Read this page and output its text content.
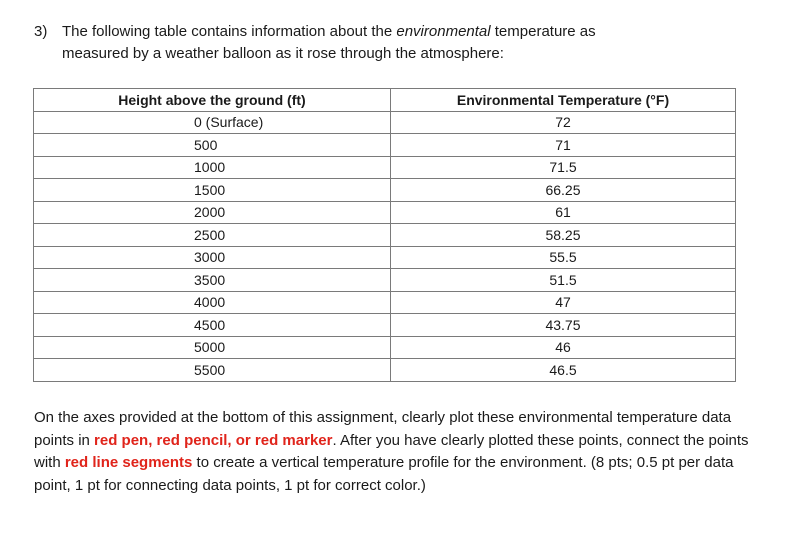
3) The following table contains information about the environmental temperature as
measured by a weather balloon as it rose through the atmosphere:
Height above the ground (ft)	Environmental Temperature (°F)
0 (Surface)	72
500	71
1000	71.5
1500	66.25
2000	61
2500	58.25
3000	55.5
3500	51.5
4000	47
4500	43.75
5000	46
5500	46.5
On the axes provided at the bottom of this assignment, clearly plot these environmental temperature data points in red pen, red pencil, or red marker. After you have clearly plotted these points, connect the points with red line segments to create a vertical temperature profile for the environment. (8 pts; 0.5 pt per data point, 1 pt for connecting data points, 1 pt for correct color.)
